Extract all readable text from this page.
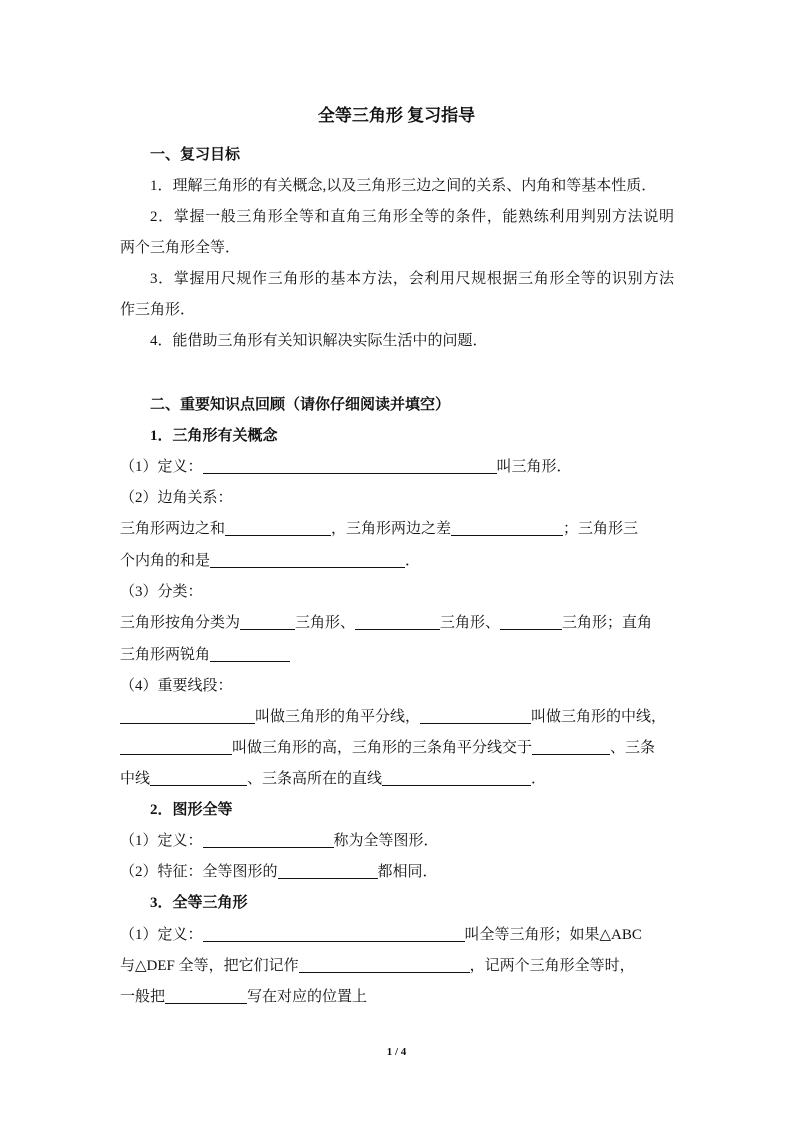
全等三角形 复习指导
一、复习目标
1．理解三角形的有关概念,以及三角形三边之间的关系、内角和等基本性质．
2．掌握一般三角形全等和直角三角形全等的条件，能熟练利用判别方法说明
两个三角形全等．
3．掌握用尺规作三角形的基本方法，会利用尺规根据三角形全等的识别方法
作三角形．
4．能借助三角形有关知识解决实际生活中的问题．
二、重要知识点回顾（请你仔细阅读并填空）
1．三角形有关概念
（1）定义：	叫三角形．
（2）边角关系：
三角形两边之和	，三角形两边之差	；三角形三
个内角的和是	．
（3）分类：
三角形按角分类为	三角形、	三角形、	三角形；直角
三角形两锐角
（4）重要线段：
叫做三角形的角平分线，	叫做三角形的中线，
叫做三角形的高，三角形的三条角平分线交于	、三条
中线	、三条高所在的直线	．
2．图形全等
（1）定义：	称为全等图形．
（2）特征：全等图形的	都相同．
3．全等三角形
（1）定义：	叫全等三角形；如果△ABC
与△DEF 全等，把它们记作	，记两个三角形全等时，
一般把	写在对应的位置上
1 / 4
